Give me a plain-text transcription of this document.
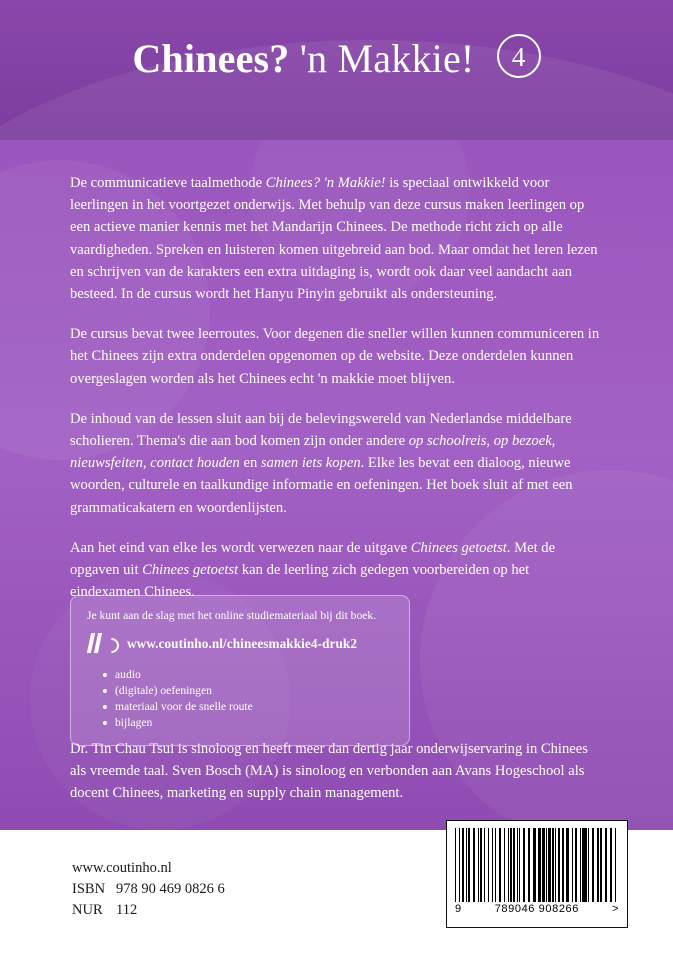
Chinees? 'n Makkie! 4

De communicatieve taalmethode Chinees? 'n Makkie! is speciaal ontwikkeld voor leerlingen in het voortgezet onderwijs. Met behulp van deze cursus maken leerlingen op een actieve manier kennis met het Mandarijn Chinees. De methode richt zich op alle vaardigheden. Spreken en luisteren komen uitgebreid aan bod. Maar omdat het leren lezen en schrijven van de karakters een extra uitdaging is, wordt ook daar veel aandacht aan besteed. In de cursus wordt het Hanyu Pinyin gebruikt als ondersteuning.

De cursus bevat twee leerroutes. Voor degenen die sneller willen kunnen communiceren in het Chinees zijn extra onderdelen opgenomen op de website. Deze onderdelen kunnen overgeslagen worden als het Chinees echt 'n makkie moet blijven.

De inhoud van de lessen sluit aan bij de belevingswereld van Nederlandse middelbare scholieren. Thema's die aan bod komen zijn onder andere op schoolreis, op bezoek, nieuwsfeiten, contact houden en samen iets kopen. Elke les bevat een dialoog, nieuwe woorden, culturele en taalkundige informatie en oefeningen. Het boek sluit af met een grammaticakatern en woordenlijsten.

Aan het eind van elke les wordt verwezen naar de uitgave Chinees getoetst. Met de opgaven uit Chinees getoetst kan de leerling zich gedegen voorbereiden op het eindexamen Chinees.

Je kunt aan de slag met het online studiemateriaal bij dit boek.

www.coutinho.nl/chineesmakkie4-druk2
audio
(digitale) oefeningen
materiaal voor de snelle route
bijlagen
Dr. Tin Chau Tsui is sinoloog en heeft meer dan dertig jaar onderwijservaring in Chinees als vreemde taal. Sven Bosch (MA) is sinoloog en verbonden aan Avans Hogeschool als docent Chinees, marketing en supply chain management.
www.coutinho.nl
ISBN 978 90 469 0826 6
NUR 112	9	789046 908266	>
